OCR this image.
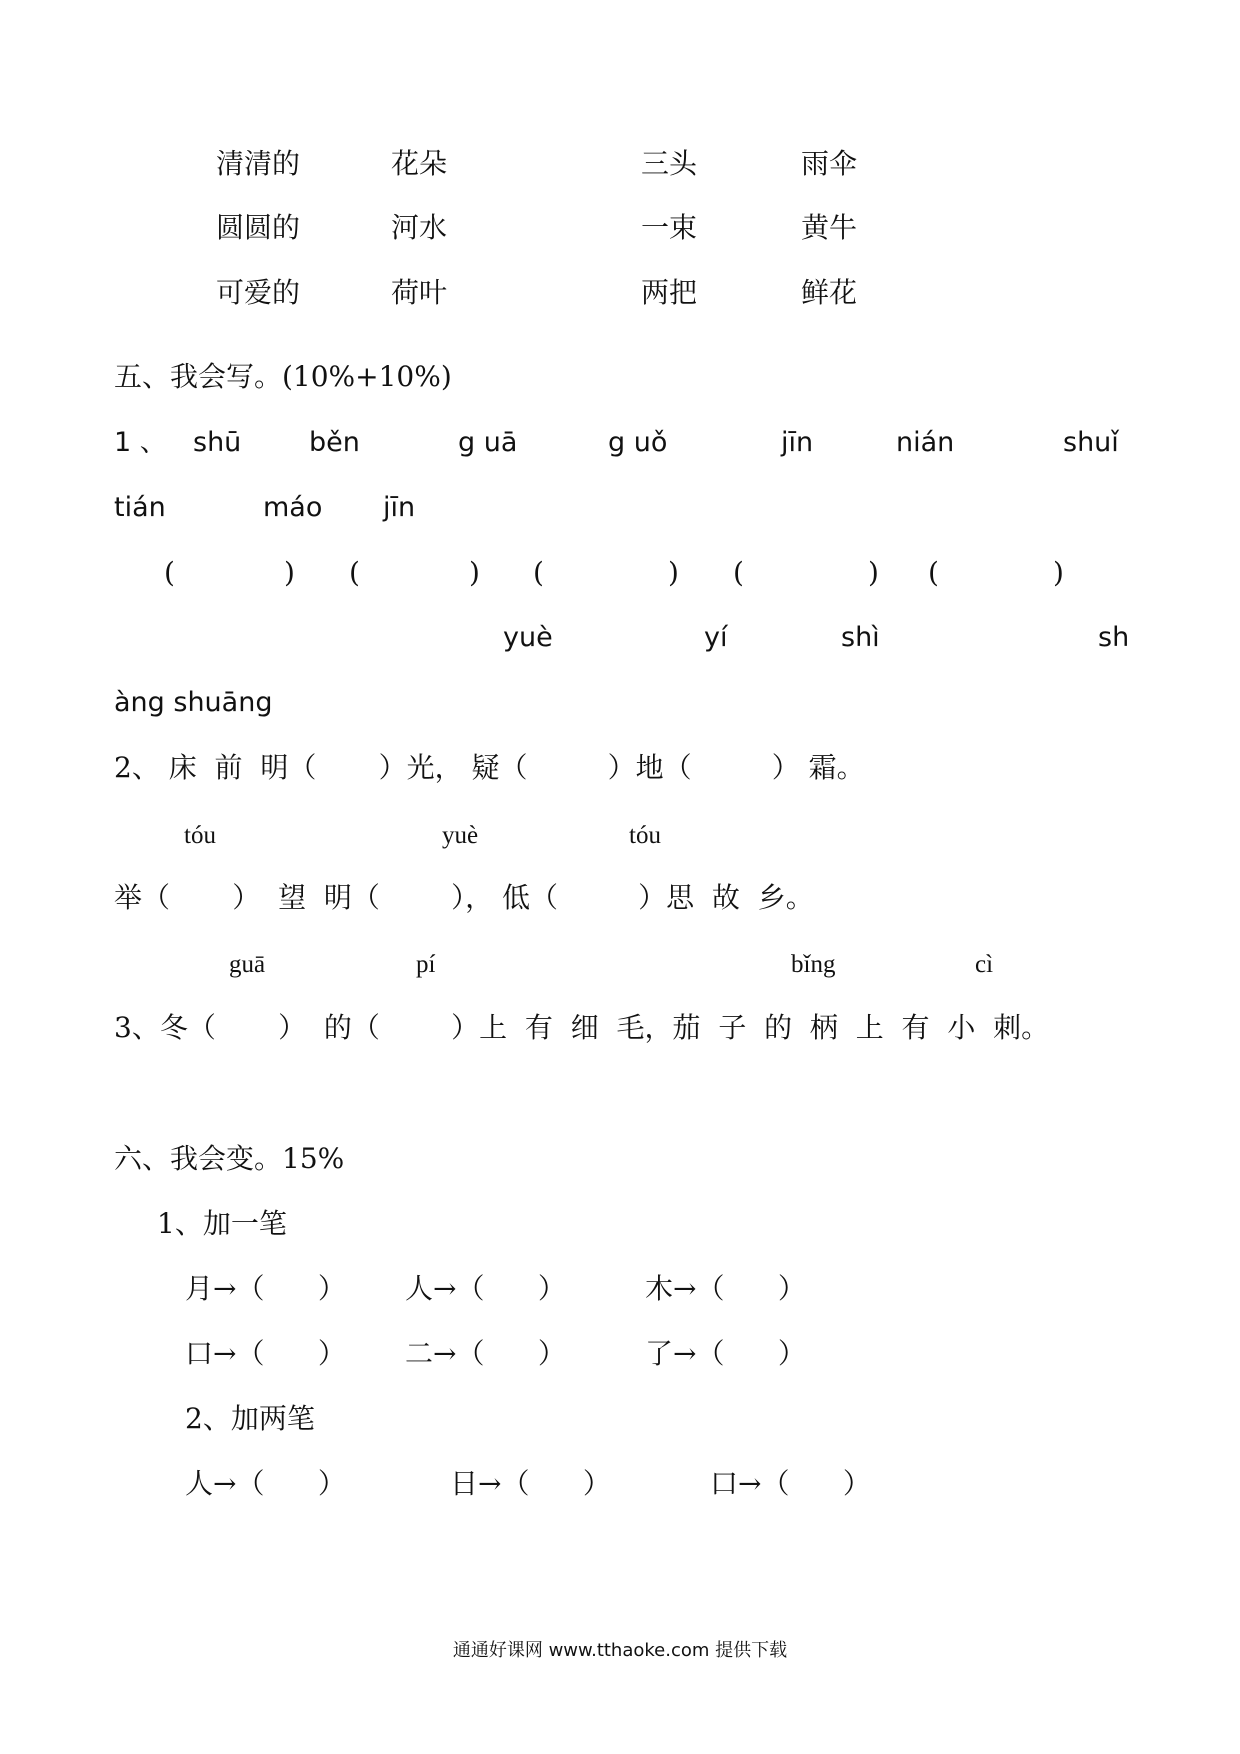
清清的	花朵	三头	雨伞
圆圆的	河水	一束	黄牛
可爱的	荷叶	两把	鲜花
五、我会写。(10%+10%)
1 、 shū	běn	g uā	g uǒ	jīn	nián	shuǐ
tián	máo jīn
(	) (	) (	) (	) (	)
yuè	yí	shì	sh
àng shuāng
2、 床  前  明（       ）光， 疑（         ）地（         ） 霜。
tóu	yuè	tóu
举（       ）  望  明（        ）， 低（         ）思  故  乡。
guā	pí	bǐng	cì
3、冬（       ）  的（        ）上  有  细  毛，茄  子  的  柄  上  有  小  刺。
六、我会变。15%
1、加一笔
月→（      ） 人→（      ）	木→（      ）
口→（      ） 二→（      ）	了→（      ）
2、加两笔
人→（      ）	日→（      ）	口→（      ）
通通好课网 www.tthaoke.com 提供下载
